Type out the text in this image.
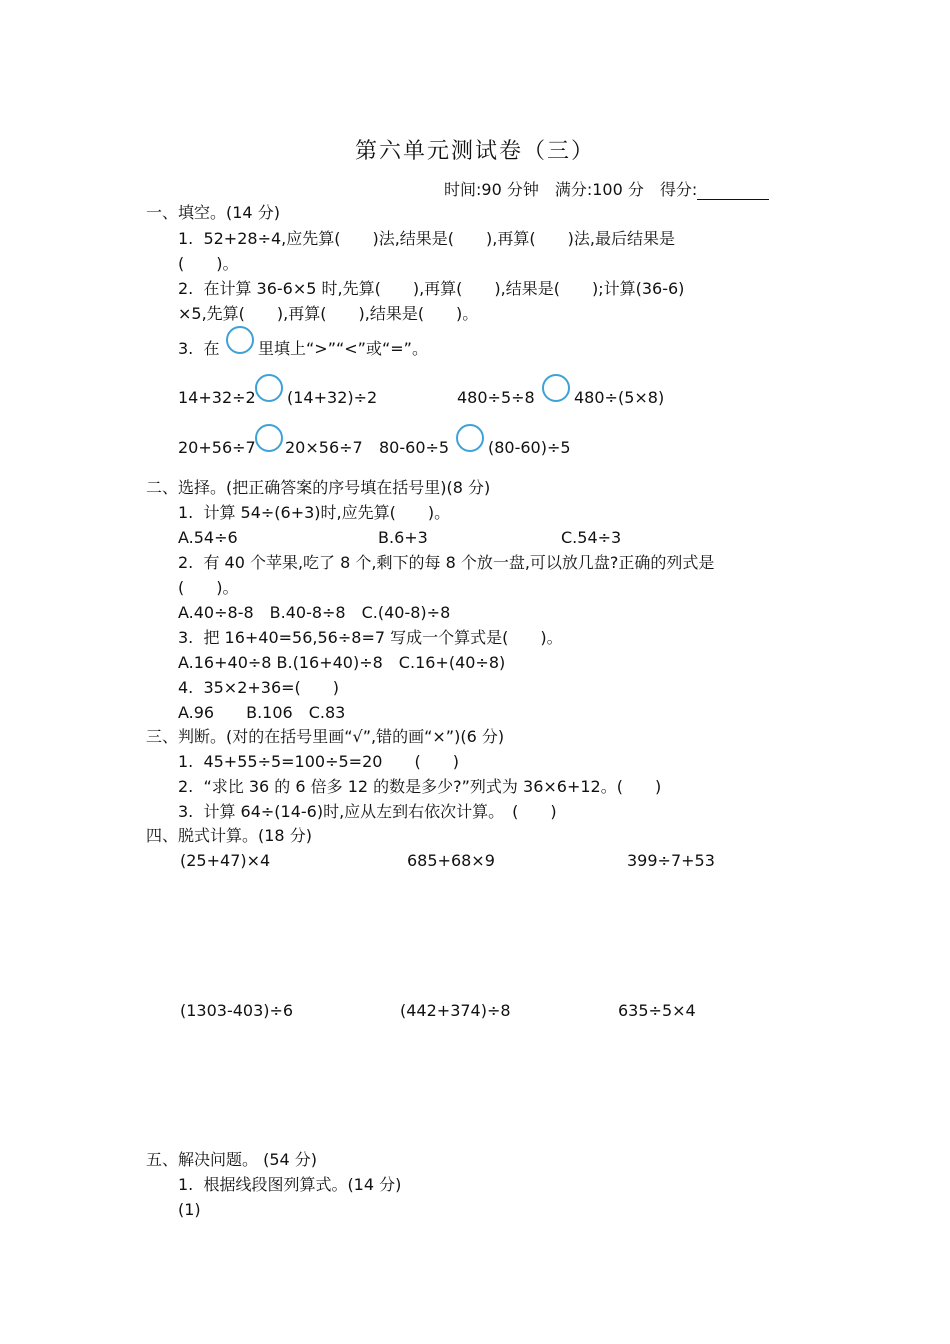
第六单元测试卷（三）
时间:90 分钟　满分:100 分　得分:
一、填空。(14 分)
1.  52+28÷4,应先算(　　)法,结果是(　　),再算(　　)法,最后结果是
(　　)。
2.  在计算 36-6×5 时,先算(　　),再算(　　),结果是(　　);计算(36-6)
×5,先算(　　),再算(　　),结果是(　　)。
3.  在 里填上“>”“<”或“=”。
14+32÷2 (14+32)÷2	480÷5÷8 480÷(5×8)
20+56÷7 20×56÷7 80-60÷5 (80-60)÷5
二、选择。(把正确答案的序号填在括号里)(8 分)
1.  计算 54÷(6+3)时,应先算(　　)。
A.54÷6	B.6+3	C.54÷3
2.  有 40 个苹果,吃了 8 个,剩下的每 8 个放一盘,可以放几盘?正确的列式是
(　　)。
A.40÷8-8　B.40-8÷8　C.(40-8)÷8
3.  把 16+40=56,56÷8=7 写成一个算式是(　　)。
A.16+40÷8 B.(16+40)÷8　C.16+(40÷8)
4.  35×2+36=(　　)
A.96　　B.106　C.83
三、判断。(对的在括号里画“√”,错的画“×”)(6 分)
1.  45+55÷5=100÷5=20　　(　　)
2.  “求比 36 的 6 倍多 12 的数是多少?”列式为 36×6+12。(　　)
3.  计算 64÷(14-6)时,应从左到右依次计算。　(　　)
四、脱式计算。(18 分)
(25+47)×4	685+68×9	399÷7+53
(1303-403)÷6	(442+374)÷8	635÷5×4
五、解决问题。 (54 分)
1.  根据线段图列算式。(14 分)
(1)
